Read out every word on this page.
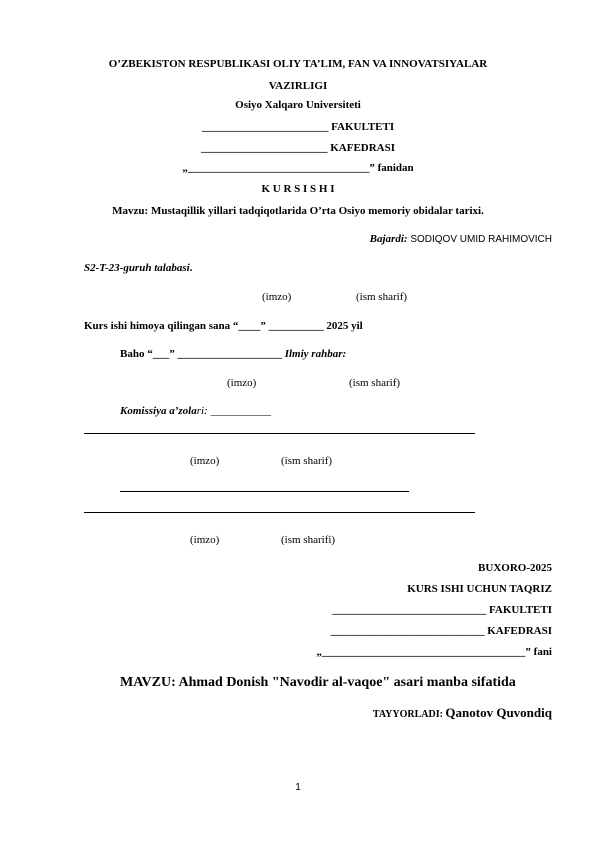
O’ZBEKISTON RESPUBLIKASI OLIY TA’LIM, FAN VA INNOVATSIYALAR
VAZIRLIGI
Osiyo Xalqaro Universiteti
_______________________ FAKULTETI
_______________________ KAFEDRASI
„_________________________________” fanidan
K U R S I S H I
Mavzu: Mustaqillik yillari tadqiqotlarida O’rta Osiyo memoriy obidalar tarixi.
Bajardi: SODIQOV UMID RAHIMOVICH
S2-T-23-guruh talabasi.
(imzo)	(ism sharif)
Kurs ishi himoya qilingan sana “____” __________ 2025 yil
Baho “___” ___________________ Ilmiy rahbar:
(imzo)	(ism sharif)
Komissiya a’zolari: ___________
(imzo)	(ism sharif)
(imzo)	(ism sharifi)
BUXORO-2025
KURS ISHI UCHUN TAQRIZ
____________________________ FAKULTETI
____________________________ KAFEDRASI
„_____________________________________” fani
MAVZU: Ahmad Donish "Navodir al-vaqoe" asari manba sifatida
TAYYORLADI: Qanotov Quvondiq
1
